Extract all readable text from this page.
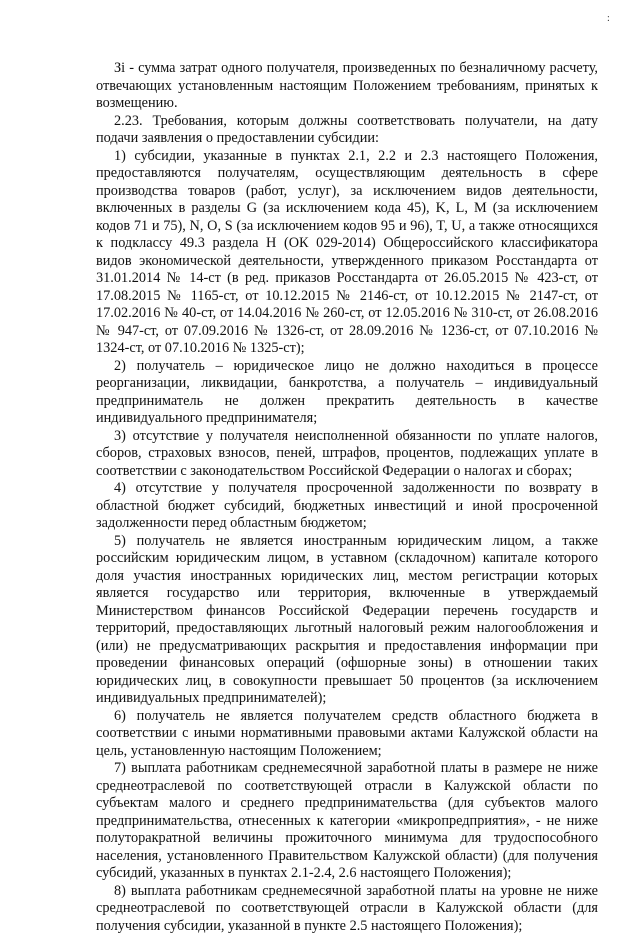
:

Зi - сумма затрат одного получателя, произведенных по безналичному расчету, отвечающих установленным настоящим Положением требованиям, принятых к возмещению.

2.23. Требования, которым должны соответствовать получатели, на дату подачи заявления о предоставлении субсидии:

1) субсидии, указанные в пунктах 2.1, 2.2 и 2.3 настоящего Положения, предоставляются получателям, осуществляющим деятельность в сфере производства товаров (работ, услуг), за исключением видов деятельности, включенных в разделы G (за исключением кода 45), K, L, M (за исключением кодов 71 и 75), N, O, S (за исключением кодов 95 и 96), T, U, а также относящихся к подклассу 49.3 раздела H (ОК 029-2014) Общероссийского классификатора видов экономической деятельности, утвержденного приказом Росстандарта от 31.01.2014 № 14-ст (в ред. приказов Росстандарта от 26.05.2015 № 423-ст, от 17.08.2015 № 1165-ст, от 10.12.2015 № 2146-ст, от 10.12.2015 № 2147-ст, от 17.02.2016 № 40-ст, от 14.04.2016 № 260-ст, от 12.05.2016 № 310-ст, от 26.08.2016 № 947-ст, от 07.09.2016 № 1326-ст, от 28.09.2016 № 1236-ст, от 07.10.2016 № 1324-ст, от 07.10.2016 № 1325-ст);

2) получатель – юридическое лицо не должно находиться в процессе реорганизации, ликвидации, банкротства, а получатель – индивидуальный предприниматель не должен прекратить деятельность в качестве индивидуального предпринимателя;

3) отсутствие у получателя неисполненной обязанности по уплате налогов, сборов, страховых взносов, пеней, штрафов, процентов, подлежащих уплате в соответствии с законодательством Российской Федерации о налогах и сборах;

4) отсутствие у получателя просроченной задолженности по возврату в областной бюджет субсидий, бюджетных инвестиций и иной просроченной задолженности перед областным бюджетом;

5) получатель не является иностранным юридическим лицом, а также российским юридическим лицом, в уставном (складочном) капитале которого доля участия иностранных юридических лиц, местом регистрации которых является государство или территория, включенные в утверждаемый Министерством финансов Российской Федерации перечень государств и территорий, предоставляющих льготный налоговый режим налогообложения и (или) не предусматривающих раскрытия и предоставления информации при проведении финансовых операций (офшорные зоны) в отношении таких юридических лиц, в совокупности превышает 50 процентов (за исключением индивидуальных предпринимателей);

6) получатель не является получателем средств областного бюджета в соответствии с иными нормативными правовыми актами Калужской области на цель, установленную настоящим Положением;

7) выплата работникам среднемесячной заработной платы в размере не ниже среднеотраслевой по соответствующей отрасли в Калужской области по субъектам малого и среднего предпринимательства (для субъектов малого предпринимательства, отнесенных к категории «микропредприятия», - не ниже полуторакратной величины прожиточного минимума для трудоспособного населения, установленного Правительством Калужской области) (для получения субсидий, указанных в пунктах 2.1-2.4, 2.6 настоящего Положения);

8) выплата работникам среднемесячной заработной платы на уровне не ниже среднеотраслевой по соответствующей отрасли в Калужской области (для получения субсидии, указанной в пункте 2.5 настоящего Положения);
